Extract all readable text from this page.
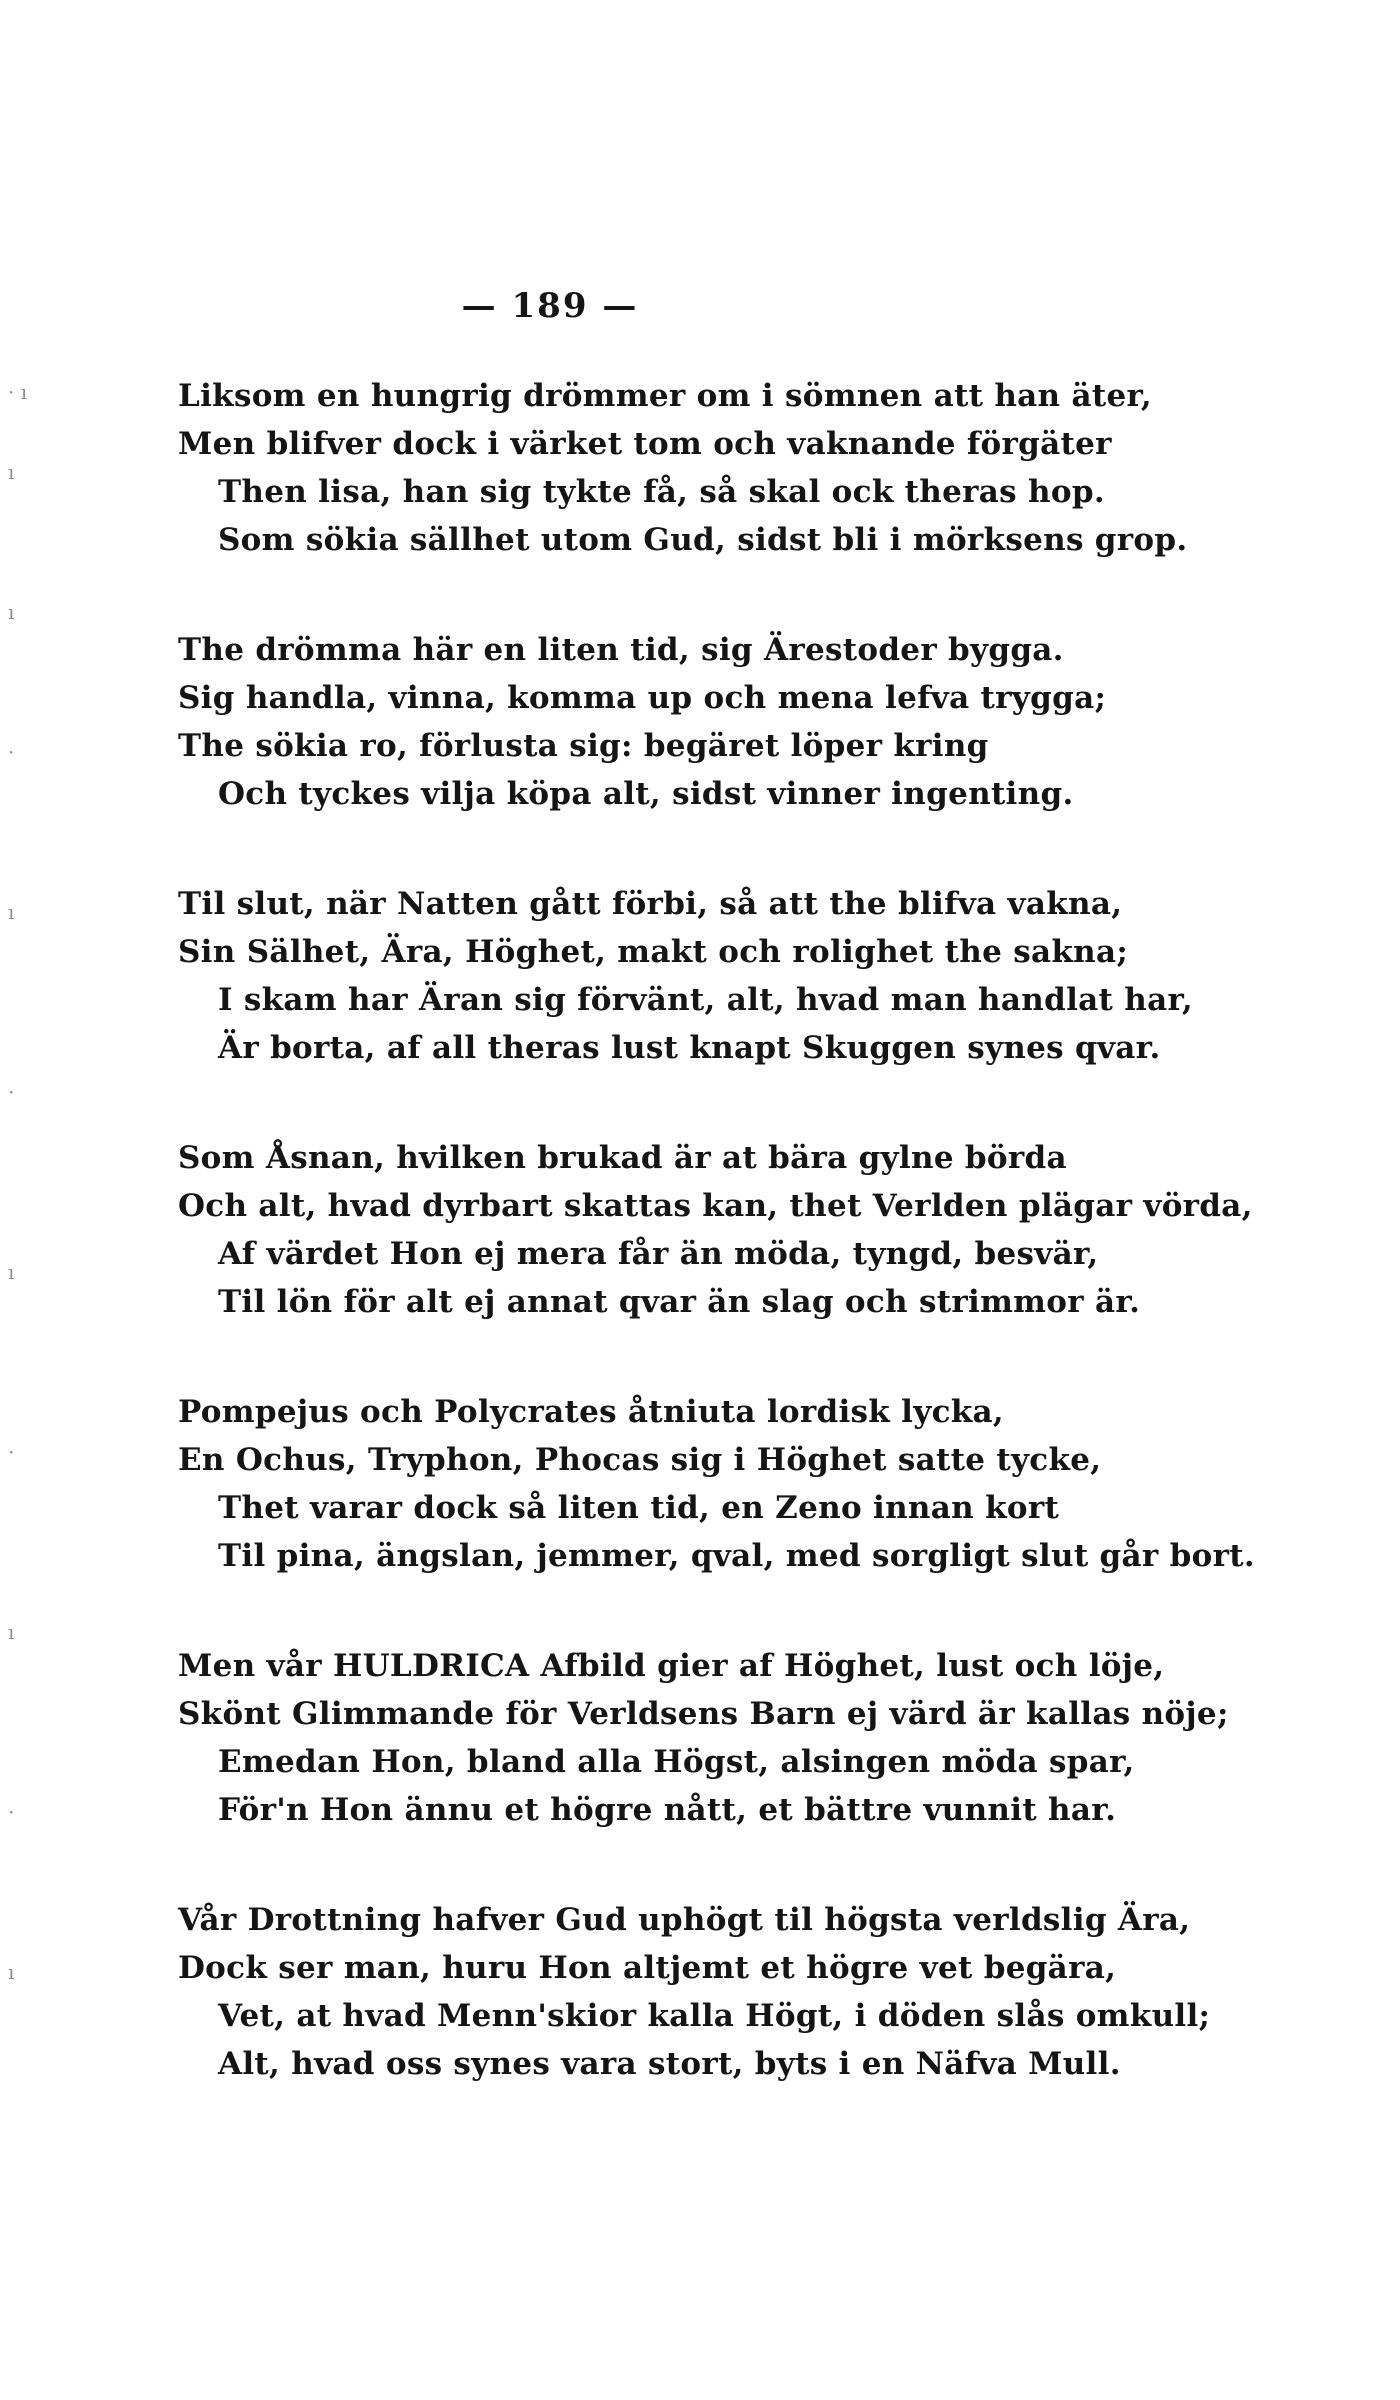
· ı
ı
ı
·
ı
·
ı
·
ı
·
ı
— 189 —
Liksom en hungrig drömmer om i sömnen att han äter,
Men blifver dock i värket tom och vaknande förgäter
Then lisa, han sig tykte få, så skal ock theras hop.
Som sökia sällhet utom Gud, sidst bli i mörksens grop.
The drömma här en liten tid, sig Ärestoder bygga.
Sig handla, vinna, komma up och mena lefva tryggа;
The sökia ro, förlusta sig: begäret löper kring
Och tyckes vilja köpa alt, sidst vinner ingenting.
Til slut, när Natten gått förbi, så att the blifva vakna,
Sin Sälhet, Ära, Höghet, makt och rolighet the sakna;
I skam har Äran sig förvänt, alt, hvad man handlat har,
Är borta, af all theras lust knapt Skuggen synes qvar.
Som Åsnan, hvilken brukad är at bära gylne börda
Och alt, hvad dyrbart skattas kan, thet Verlden plägar vörda,
Af värdet Hon ej mera får än möda, tyngd, besvär,
Til lön för alt ej annat qvar än slag och strimmor är.
Pompejus och Polycrates åtniuta lordisk lycka,
En Ochus, Tryphon, Phocas sig i Höghet satte tycke,
Thet varar dock så liten tid, en Zeno innan kort
Til pina, ängslan, jemmer, qval, med sorgligt slut går bort.
Men vår HULDRICA Afbild gier af Höghet, lust och löje,
Skönt Glimmande för Verldsens Barn ej värd är kallas nöje;
Emedan Hon, bland alla Högst, alsingen möda spar,
För'n Hon ännu et högre nått, et bättre vunnit har.
Vår Drottning hafver Gud uphögt til högsta verldslig Ära,
Dock ser man, huru Hon altjemt et högre vet begära,
Vet, at hvad Menn'skior kalla Högt, i döden slås omkull;
Alt, hvad oss synes vara stort, byts i en Näfva Mull.
